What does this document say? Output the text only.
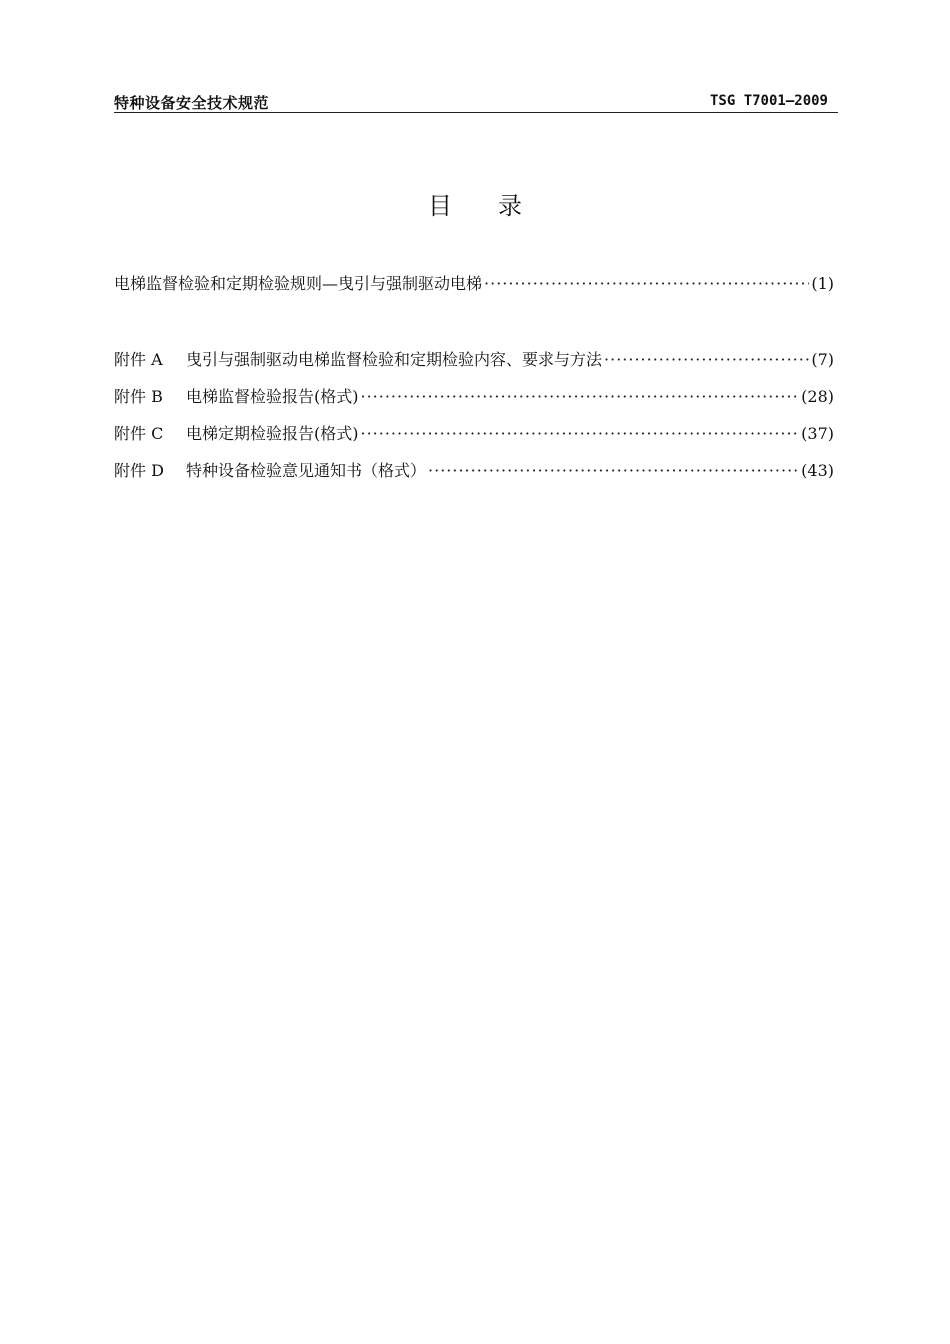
特种设备安全技术规范	TSG T7001—2009
目录
电梯监督检验和定期检验规则—曳引与强制驱动电梯 ·····	(1)
附件 A	曳引与强制驱动电梯监督检验和定期检验内容、要求与方法 ·····	(7)
附件 B	电梯监督检验报告(格式) ·····	(28)
附件 C	电梯定期检验报告(格式) ·····	(37)
附件 D	特种设备检验意见通知书（格式） ·····	(43)
